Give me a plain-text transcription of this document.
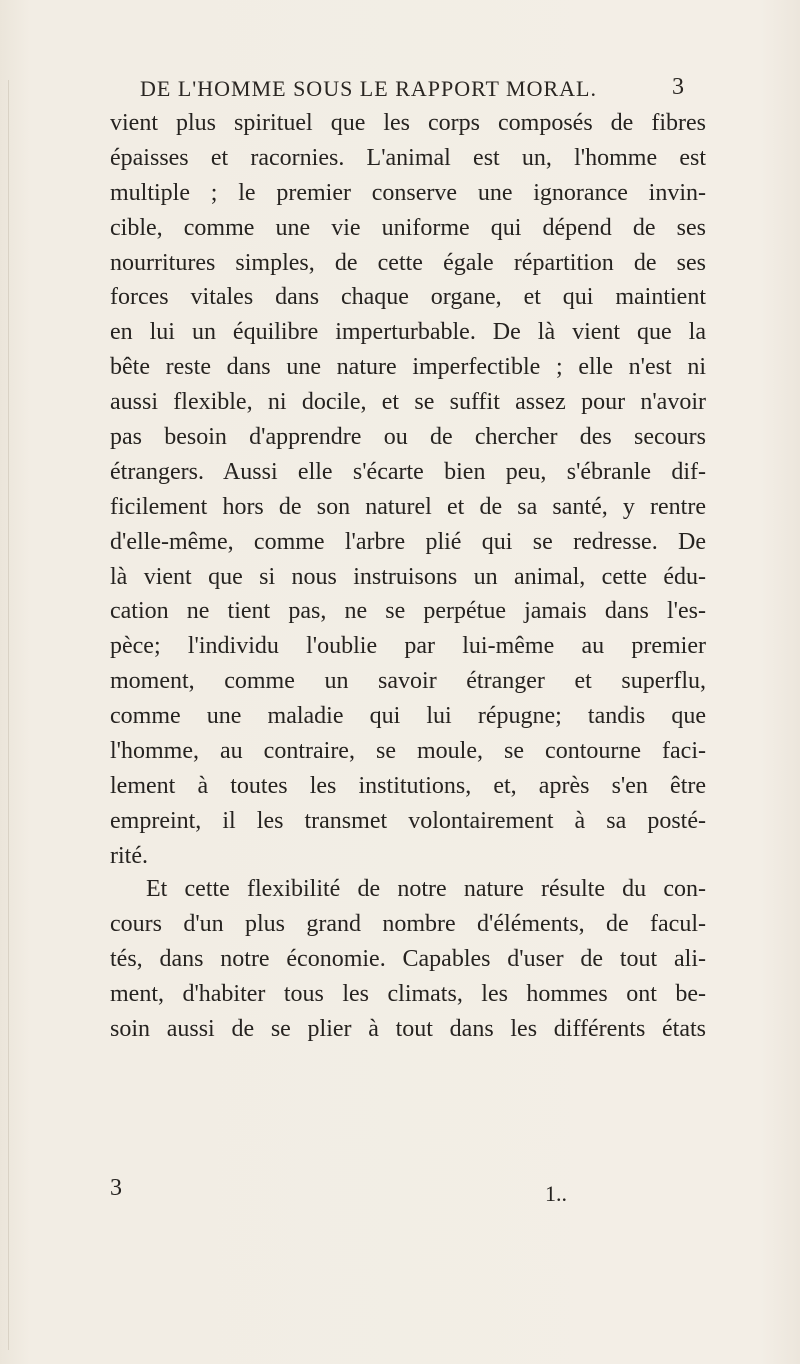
DE L'HOMME SOUS LE RAPPORT MORAL.	3
vient plus spirituel que les corps composés de fibres
épaisses et racornies. L'animal est un, l'homme est
multiple ; le premier conserve une ignorance invin-
cible, comme une vie uniforme qui dépend de ses
nourritures simples, de cette égale répartition de ses
forces vitales dans chaque organe, et qui maintient
en lui un équilibre imperturbable. De là vient que la
bête reste dans une nature imperfectible ; elle n'est ni
aussi flexible, ni docile, et se suffit assez pour n'avoir
pas besoin d'apprendre ou de chercher des secours
étrangers. Aussi elle s'écarte bien peu, s'ébranle dif-
ficilement hors de son naturel et de sa santé, y rentre
d'elle-même, comme l'arbre plié qui se redresse. De
là vient que si nous instruisons un animal, cette édu-
cation ne tient pas, ne se perpétue jamais dans l'es-
pèce; l'individu l'oublie par lui-même au premier
moment, comme un savoir étranger et superflu,
comme une maladie qui lui répugne; tandis que
l'homme, au contraire, se moule, se contourne faci-
lement à toutes les institutions, et, après s'en être
empreint, il les transmet volontairement à sa posté-
rité.
Et cette flexibilité de notre nature résulte du con-
cours d'un plus grand nombre d'éléments, de facul-
tés, dans notre économie. Capables d'user de tout ali-
ment, d'habiter tous les climats, les hommes ont be-
soin aussi de se plier à tout dans les différents états
3	1..
